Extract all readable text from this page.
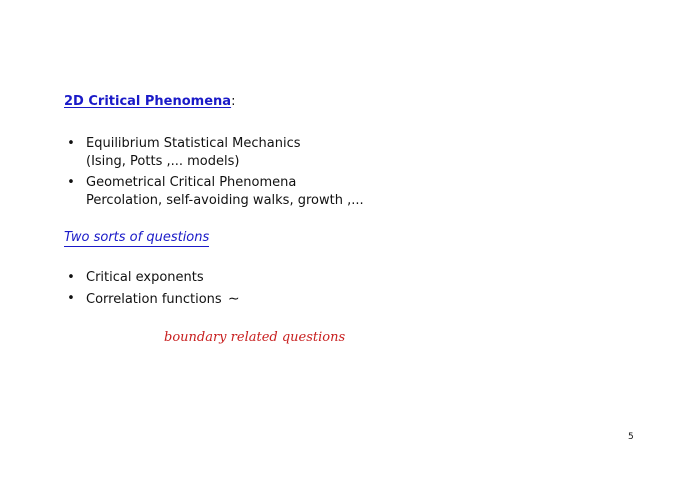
2D Critical Phenomena:
• Equilibrium Statistical Mechanics
(Ising, Potts ,... models)
• Geometrical Critical Phenomena
Percolation, self-avoiding walks, growth ,...
Two sorts of questions
• Critical exponents
• Correlation functions ∼
boundary related questions
5
